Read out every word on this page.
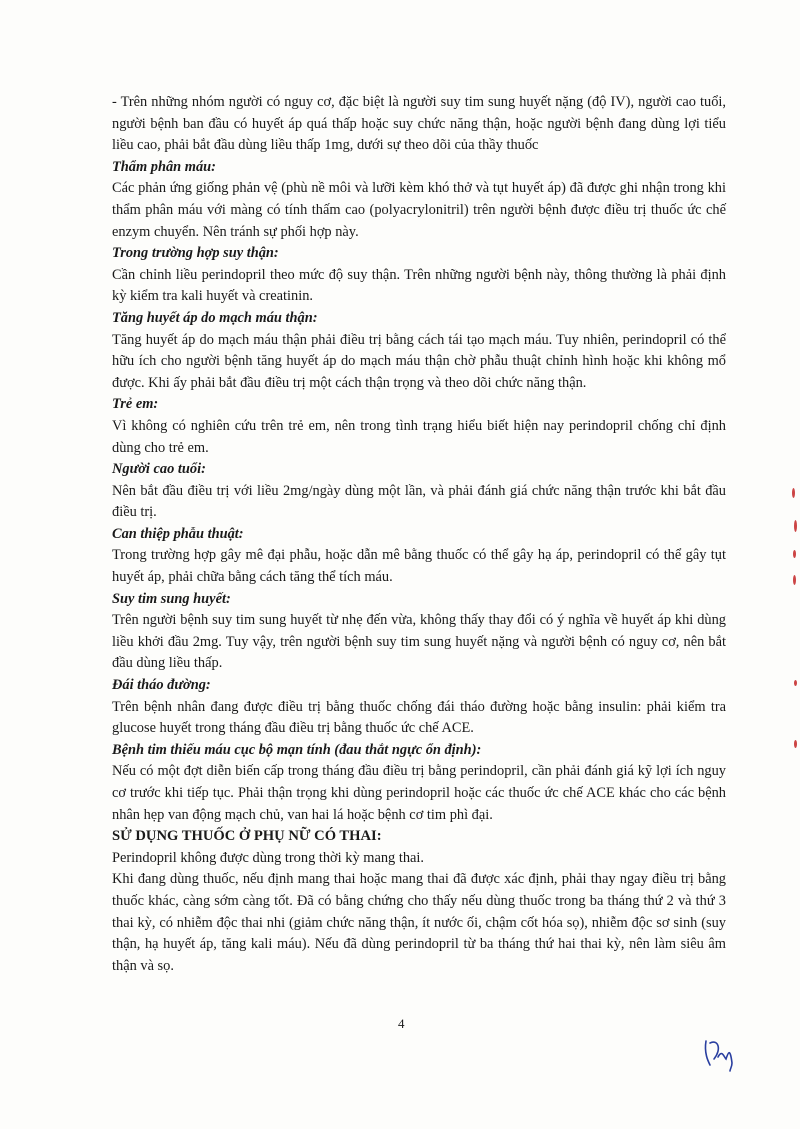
- Trên những nhóm người có nguy cơ, đặc biệt là người suy tim sung huyết nặng (độ IV), người cao tuổi, người bệnh ban đầu có huyết áp quá thấp hoặc suy chức năng thận, hoặc người bệnh đang dùng lợi tiểu liều cao, phải bắt đầu dùng liều thấp 1mg, dưới sự theo dõi của thầy thuốc

Thẩm phân máu:

Các phản ứng giống phản vệ (phù nề môi và lưỡi kèm khó thở và tụt huyết áp) đã được ghi nhận trong khi thẩm phân máu với màng có tính thấm cao (polyacrylonitril) trên người bệnh được điều trị thuốc ức chế enzym chuyển. Nên tránh sự phối hợp này.

Trong trường hợp suy thận:

Cần chỉnh liều perindopril theo mức độ suy thận. Trên những người bệnh này, thông thường là phải định kỳ kiểm tra kali huyết và creatinin.

Tăng huyết áp do mạch máu thận:

Tăng huyết áp do mạch máu thận phải điều trị bằng cách tái tạo mạch máu. Tuy nhiên, perindopril có thể hữu ích cho người bệnh tăng huyết áp do mạch máu thận chờ phẫu thuật chỉnh hình hoặc khi không mổ được. Khi ấy phải bắt đầu điều trị một cách thận trọng và theo dõi chức năng thận.

Trẻ em:

Vì không có nghiên cứu trên trẻ em, nên trong tình trạng hiểu biết hiện nay perindopril chống chỉ định dùng cho trẻ em.

Người cao tuổi:

Nên bắt đầu điều trị với liều 2mg/ngày dùng một lần, và phải đánh giá chức năng thận trước khi bắt đầu điều trị.

Can thiệp phẫu thuật:

Trong trường hợp gây mê đại phẫu, hoặc dẫn mê bằng thuốc có thể gây hạ áp, perindopril có thể gây tụt huyết áp, phải chữa bằng cách tăng thể tích máu.

Suy tim sung huyết:

Trên người bệnh suy tim sung huyết từ nhẹ đến vừa, không thấy thay đổi có ý nghĩa về huyết áp khi dùng liều khởi đầu 2mg. Tuy vậy, trên người bệnh suy tim sung huyết nặng và người bệnh có nguy cơ, nên bắt đầu dùng liều thấp.

Đái tháo đường:

Trên bệnh nhân đang được điều trị bằng thuốc chống đái tháo đường hoặc bằng insulin: phải kiểm tra glucose huyết trong tháng đầu điều trị bằng thuốc ức chế ACE.

Bệnh tim thiếu máu cục bộ mạn tính (đau thắt ngực ổn định):

Nếu có một đợt diễn biến cấp trong tháng đầu điều trị bằng perindopril, cần phải đánh giá kỹ lợi ích nguy cơ trước khi tiếp tục. Phải thận trọng khi dùng perindopril hoặc các thuốc ức chế ACE khác cho các bệnh nhân hẹp van động mạch chủ, van hai lá hoặc bệnh cơ tim phì đại.

SỬ DỤNG THUỐC Ở PHỤ NỮ CÓ THAI:

Perindopril không được dùng trong thời kỳ mang thai.

Khi đang dùng thuốc, nếu định mang thai hoặc mang thai đã được xác định, phải thay ngay điều trị bằng thuốc khác, càng sớm càng tốt. Đã có bằng chứng cho thấy nếu dùng thuốc trong ba tháng thứ 2 và thứ 3 thai kỳ, có nhiễm độc thai nhi (giảm chức năng thận, ít nước ối, chậm cốt hóa sọ), nhiễm độc sơ sinh (suy thận, hạ huyết áp, tăng kali máu). Nếu đã dùng perindopril từ ba tháng thứ hai thai kỳ, nên làm siêu âm thận và sọ.

4
